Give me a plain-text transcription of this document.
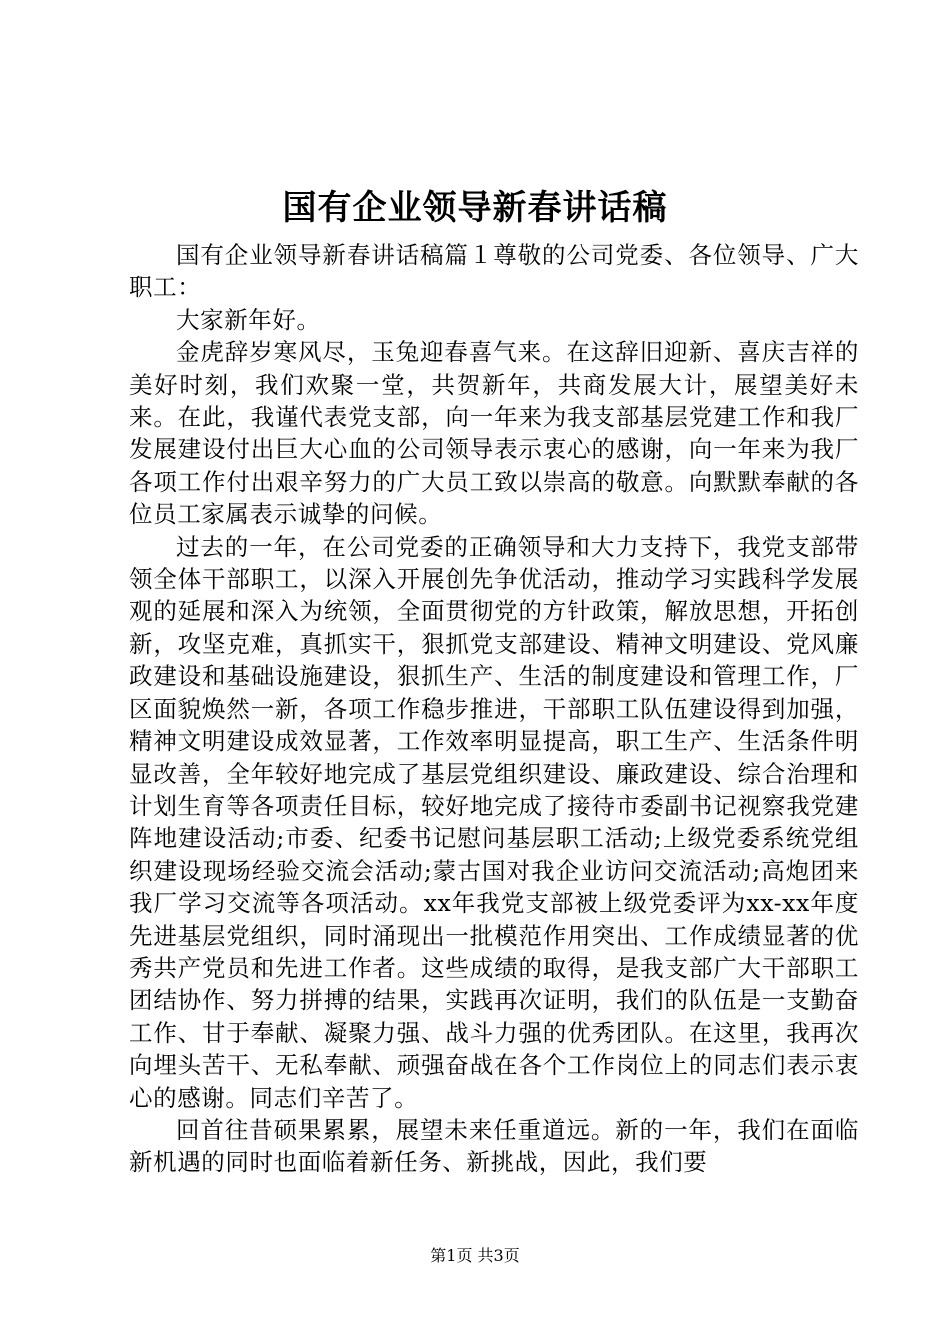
国有企业领导新春讲话稿

国有企业领导新春讲话稿篇１尊敬的公司党委、各位领导、广大职工：

大家新年好。

金虎辞岁寒风尽，玉兔迎春喜气来。在这辞旧迎新、喜庆吉祥的美好时刻，我们欢聚一堂，共贺新年，共商发展大计，展望美好未来。在此，我谨代表党支部，向一年来为我支部基层党建工作和我厂发展建设付出巨大心血的公司领导表示衷心的感谢，向一年来为我厂各项工作付出艰辛努力的广大员工致以崇高的敬意。向默默奉献的各位员工家属表示诚挚的问候。

过去的一年，在公司党委的正确领导和大力支持下，我党支部带领全体干部职工，以深入开展创先争优活动，推动学习实践科学发展观的延展和深入为统领，全面贯彻党的方针政策，解放思想，开拓创新，攻坚克难，真抓实干，狠抓党支部建设、精神文明建设、党风廉政建设和基础设施建设，狠抓生产、生活的制度建设和管理工作，厂区面貌焕然一新，各项工作稳步推进，干部职工队伍建设得到加强，精神文明建设成效显著，工作效率明显提高，职工生产、生活条件明显改善，全年较好地完成了基层党组织建设、廉政建设、综合治理和计划生育等各项责任目标，较好地完成了接待市委副书记视察我党建阵地建设活动;市委、纪委书记慰问基层职工活动;上级党委系统党组织建设现场经验交流会活动;蒙古国对我企业访问交流活动;高炮团来我厂学习交流等各项活动。xx年我党支部被上级党委评为xx-xx年度先进基层党组织，同时涌现出一批模范作用突出、工作成绩显著的优秀共产党员和先进工作者。这些成绩的取得，是我支部广大干部职工团结协作、努力拼搏的结果，实践再次证明，我们的队伍是一支勤奋工作、甘于奉献、凝聚力强、战斗力强的优秀团队。在这里，我再次向埋头苦干、无私奉献、顽强奋战在各个工作岗位上的同志们表示衷心的感谢。同志们辛苦了。

回首往昔硕果累累，展望未来任重道远。新的一年，我们在面临新机遇的同时也面临着新任务、新挑战，因此，我们要

第1页 共3页
